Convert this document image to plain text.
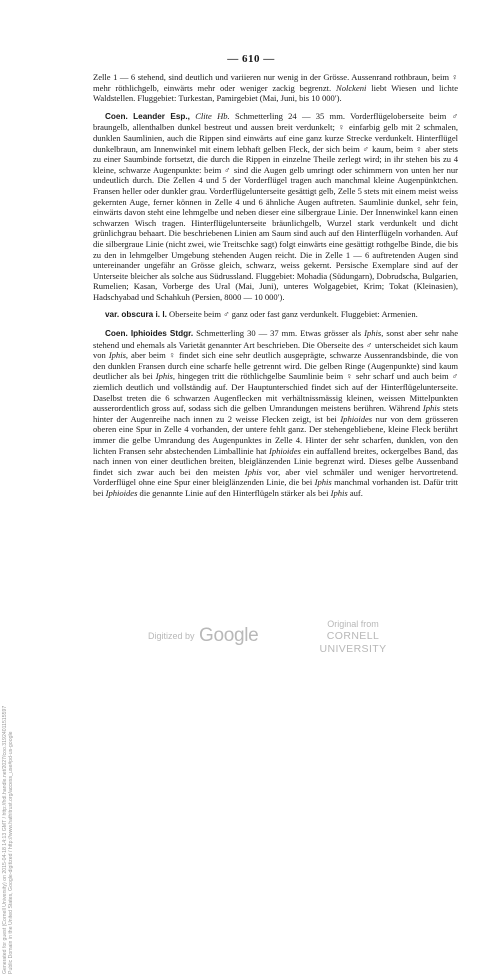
Generated for guest (Cornell University) on 2015-04-18 14:13 GMT / http://hdl.handle.net/2027/coo.31924011515597 Public Domain in the United States, Google-digitized / http://www.hathitrust.org/access_use#pd-us-google
— 610 —

Zelle 1 — 6 stehend, sind deutlich und variieren nur wenig in der Grösse. Aussenrand rothbraun, beim ♀ mehr röthlichgelb, einwärts mehr oder weniger zackig begrenzt. Nolckeni liebt Wiesen und lichte Waldstellen. Fluggebiet: Turkestan, Pamirgebiet (Mai, Juni, bis 10 000′).

Coen. Leander Esp., Clite Hb. Schmetterling 24 — 35 mm. Vorderflügeloberseite beim ♂ braungelb, allenthalben dunkel bestreut und aussen breit verdunkelt; ♀ einfarbig gelb mit 2 schmalen, dunklen Saumlinien, auch die Rippen sind einwärts auf eine ganz kurze Strecke verdunkelt. Hinterflügel dunkelbraun, am Innenwinkel mit einem lebhaft gelben Fleck, der sich beim ♂ kaum, beim ♀ aber stets zu einer Saumbinde fortsetzt, die durch die Rippen in einzelne Theile zerlegt wird; in ihr stehen bis zu 4 kleine, schwarze Augenpunkte: beim ♂ sind die Augen gelb umringt oder schimmern von unten her nur undeutlich durch. Die Zellen 4 und 5 der Vorderflügel tragen auch manchmal kleine Augenpünktchen. Fransen heller oder dunkler grau. Vorderflügelunterseite gesättigt gelb, Zelle 5 stets mit einem meist weiss gekernten Auge, ferner können in Zelle 4 und 6 ähnliche Augen auftreten. Saumlinie dunkel, sehr fein, einwärts davon steht eine lehmgelbe und neben dieser eine silbergraue Linie. Der Innenwinkel kann einen schwarzen Wisch tragen. Hinterflügelunterseite bräunlichgelb, Wurzel stark verdunkelt und dicht grünlichgrau behaart. Die beschriebenen Linien am Saum sind auch auf den Hinterflügeln vorhanden. Auf die silbergraue Linie (nicht zwei, wie Treitschke sagt) folgt einwärts eine gesättigt rothgelbe Binde, die bis zu den in lehmgelber Umgebung stehenden Augen reicht. Die in Zelle 1 — 6 auftretenden Augen sind untereinander ungefähr an Grösse gleich, schwarz, weiss gekernt. Persische Exemplare sind auf der Unterseite bleicher als solche aus Südrussland. Fluggebiet: Mohadia (Südungarn), Dobrudscha, Bulgarien, Rumelien; Kasan, Vorberge des Ural (Mai, Juni), unteres Wolgagebiet, Krim; Tokat (Kleinasien), Hadschyabad und Schahkuh (Persien, 8000 — 10 000′).

var. obscura i. l. Oberseite beim ♂ ganz oder fast ganz verdunkelt. Fluggebiet: Armenien.

Coen. Iphioides Stdgr. Schmetterling 30 — 37 mm. Etwas grösser als Iphis, sonst aber sehr nahe stehend und ehemals als Varietät genannter Art beschrieben. Die Oberseite des ♂ unterscheidet sich kaum von Iphis, aber beim ♀ findet sich eine sehr deutlich ausgeprägte, schwarze Aussenrandsbinde, die von den dunklen Fransen durch eine scharfe helle getrennt wird. Die gelben Ringe (Augenpunkte) sind kaum deutlicher als bei Iphis, hingegen tritt die röthlichgelbe Saumlinie beim ♀ sehr scharf und auch beim ♂ ziemlich deutlich und vollständig auf. Der Hauptunterschied findet sich auf der Hinterflügelunterseite. Daselbst treten die 6 schwarzen Augenflecken mit verhältnissmässig kleinen, weissen Mittelpunkten ausserordentlich gross auf, sodass sich die gelben Umrandungen meistens berühren. Während Iphis stets hinter der Augenreihe nach innen zu 2 weisse Flecken zeigt, ist bei Iphioides nur von dem grösseren oberen eine Spur in Zelle 4 vorhanden, der untere fehlt ganz. Der stehengebliebene, kleine Fleck berührt immer die gelbe Umrandung des Augenpunktes in Zelle 4. Hinter der sehr scharfen, dunklen, von den lichten Fransen sehr abstechenden Limballinie hat Iphioides ein auffallend breites, ockergelbes Band, das nach innen von einer deutlichen breiten, bleiglänzenden Linie begrenzt wird. Dieses gelbe Aussenband findet sich zwar auch bei den meisten Iphis vor, aber viel schmäler und weniger hervortretend. Vorderflügel ohne eine Spur einer bleiglänzenden Linie, die bei Iphis manchmal vorhanden ist. Dafür tritt bei Iphioides die genannte Linie auf den Hinterflügeln stärker als bei Iphis auf.

Digitized by Google
Original from
CORNELL UNIVERSITY
